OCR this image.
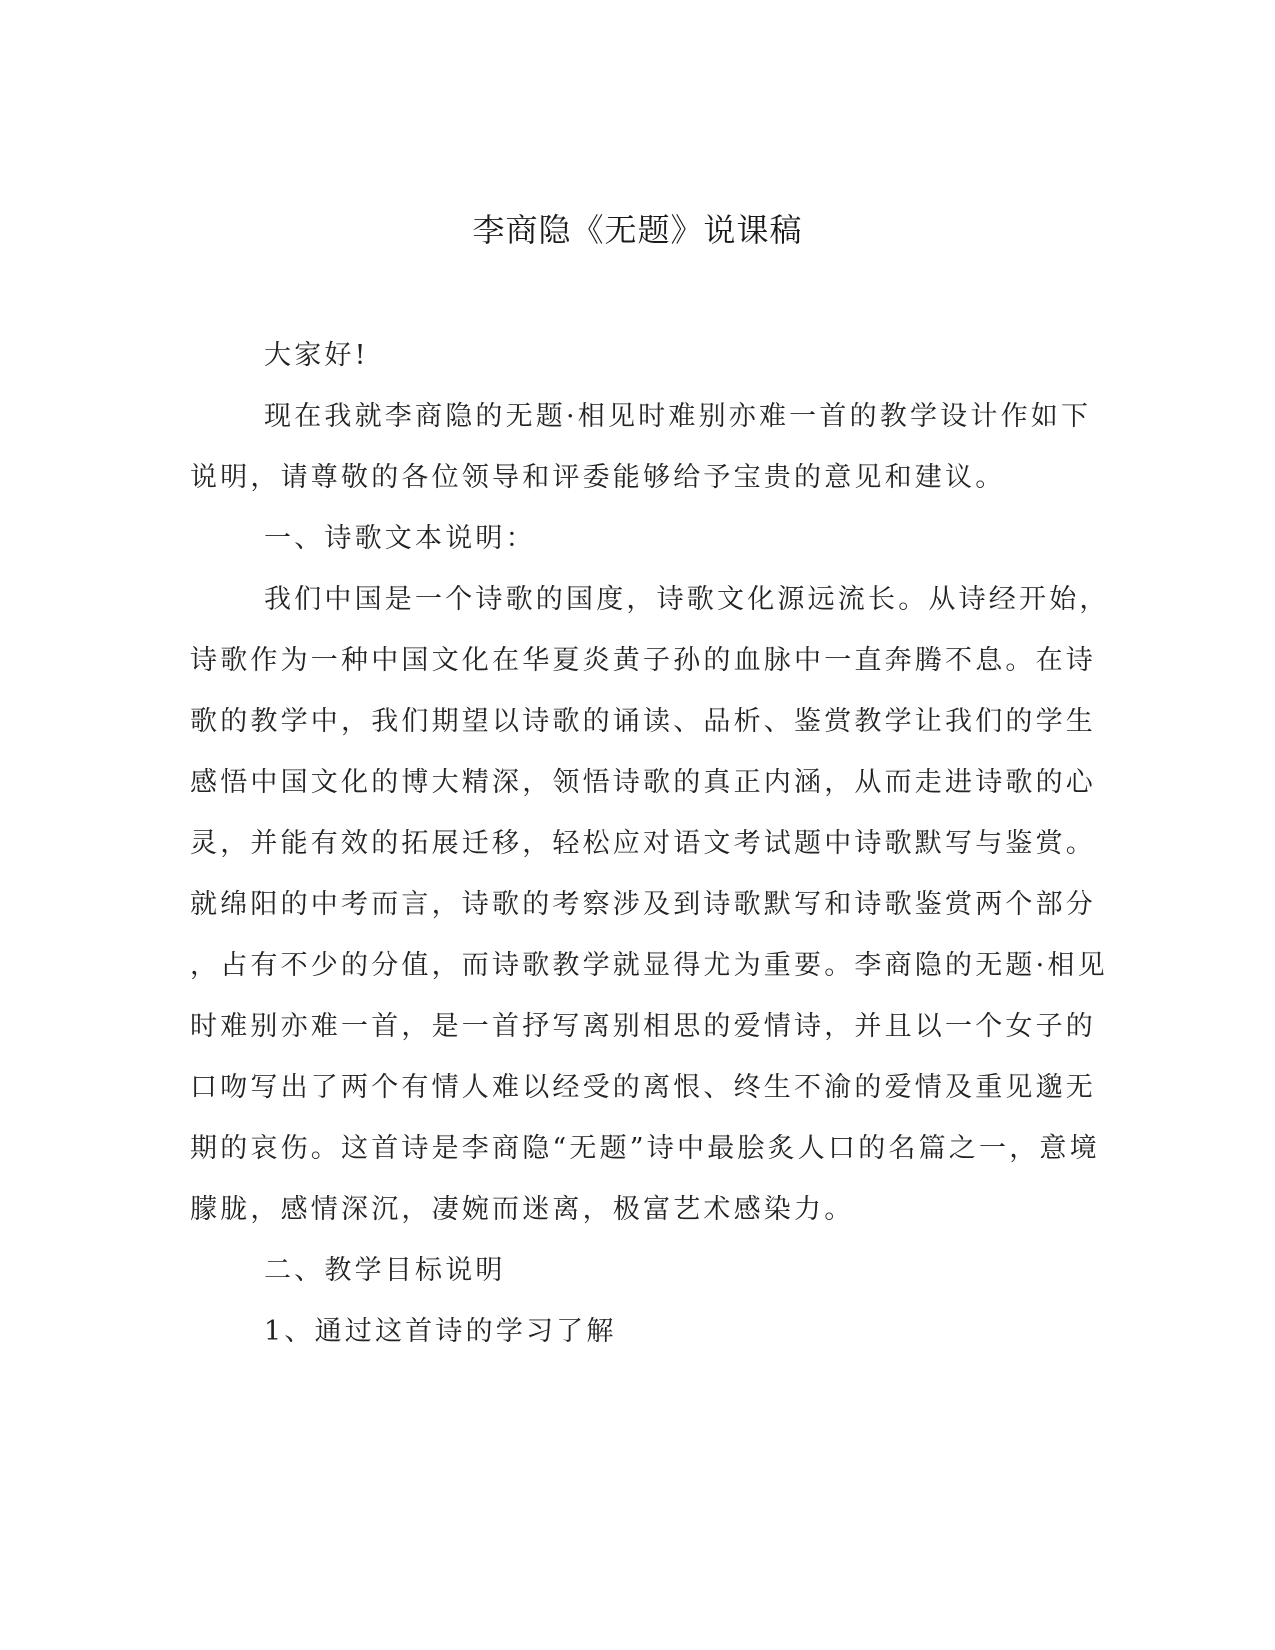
李商隐《无题》说课稿

大家好!

现在我就李商隐的无题·相见时难别亦难一首的教学设计作如下
说明，请尊敬的各位领导和评委能够给予宝贵的意见和建议。

一、诗歌文本说明：

我们中国是一个诗歌的国度，诗歌文化源远流长。从诗经开始，
诗歌作为一种中国文化在华夏炎黄子孙的血脉中一直奔腾不息。在诗
歌的教学中，我们期望以诗歌的诵读、品析、鉴赏教学让我们的学生
感悟中国文化的博大精深，领悟诗歌的真正内涵，从而走进诗歌的心
灵，并能有效的拓展迁移，轻松应对语文考试题中诗歌默写与鉴赏。
就绵阳的中考而言，诗歌的考察涉及到诗歌默写和诗歌鉴赏两个部分
，占有不少的分值，而诗歌教学就显得尤为重要。李商隐的无题·相见
时难别亦难一首，是一首抒写离别相思的爱情诗，并且以一个女子的
口吻写出了两个有情人难以经受的离恨、终生不渝的爱情及重见邈无
期的哀伤。这首诗是李商隐“无题”诗中最脍炙人口的名篇之一，意境
朦胧，感情深沉，凄婉而迷离，极富艺术感染力。

二、教学目标说明

1、通过这首诗的学习了解
